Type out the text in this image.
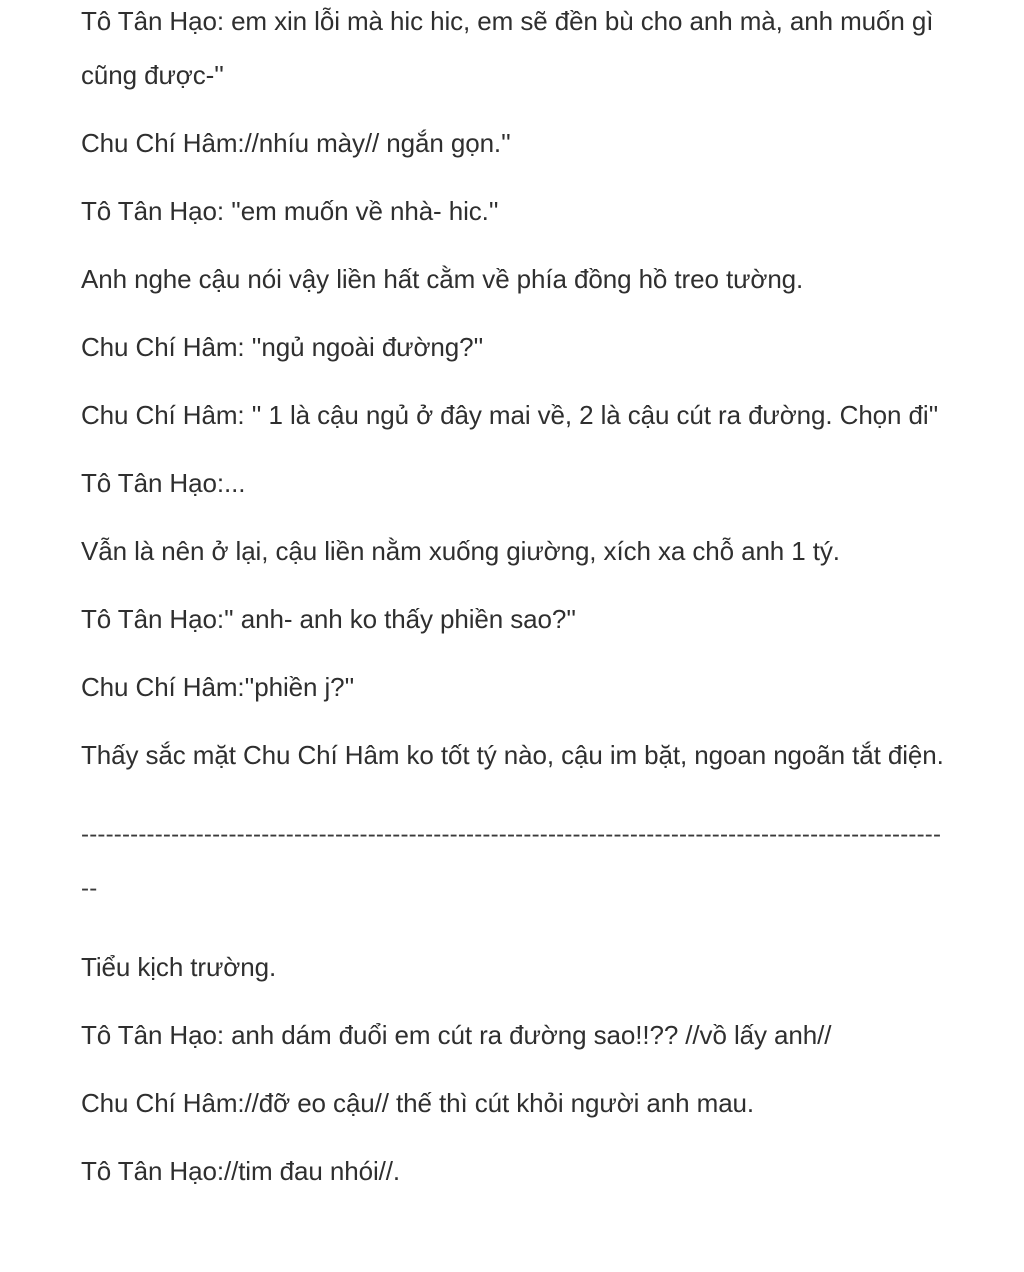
Tô Tân Hạo: em xin lỗi mà hic hic, em sẽ đền bù cho anh mà, anh muốn gì cũng được-''

Chu Chí Hâm://nhíu mày// ngắn gọn.''

Tô Tân Hạo: ''em muốn về nhà- hic.''

Anh nghe cậu nói vậy liền hất cằm về phía đồng hồ treo tường.

Chu Chí Hâm: ''ngủ ngoài đường?''

Chu Chí Hâm: '' 1 là cậu ngủ ở đây mai về, 2 là cậu cút ra đường. Chọn đi''

Tô Tân Hạo:...

Vẫn là nên ở lại, cậu liền nằm xuống giường, xích xa chỗ anh 1 tý.

Tô Tân Hạo:'' anh- anh ko thấy phiền sao?''

Chu Chí Hâm:''phiền j?''

Thấy sắc mặt Chu Chí Hâm ko tốt tý nào, cậu im bặt, ngoan ngoãn tắt điện.

-----------------------------------------------------------------------------------------------------------

Tiểu kịch trường.

Tô Tân Hạo: anh dám đuổi em cút ra đường sao!!?? //vồ lấy anh//

Chu Chí Hâm://đỡ eo cậu// thế thì cút khỏi người anh mau.

Tô Tân Hạo://tim đau nhói//.
